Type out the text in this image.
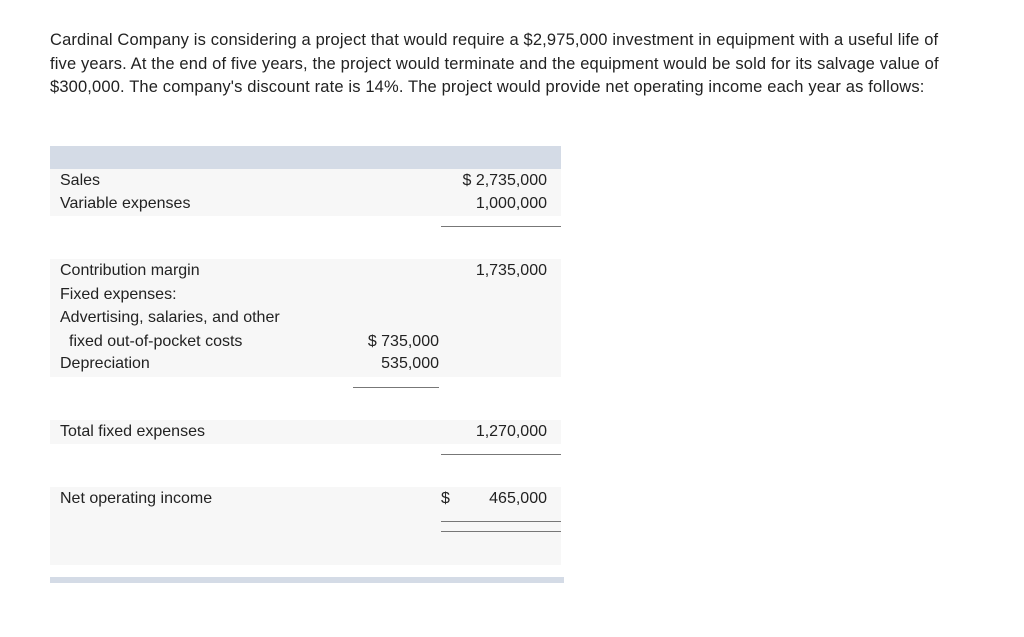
Cardinal Company is considering a project that would require a $2,975,000 investment in equipment with a useful life of five years. At the end of five years, the project would terminate and the equipment would be sold for its salvage value of $300,000. The company's discount rate is 14%. The project would provide net operating income each year as follows:

Sales	$ 2,735,000
Variable expenses	1,000,000
Contribution margin	1,735,000
Fixed expenses:
Advertising, salaries, and other
fixed out-of-pocket costs	$ 735,000
Depreciation	535,000
Total fixed expenses	1,270,000
Net operating income	$ 465,000
